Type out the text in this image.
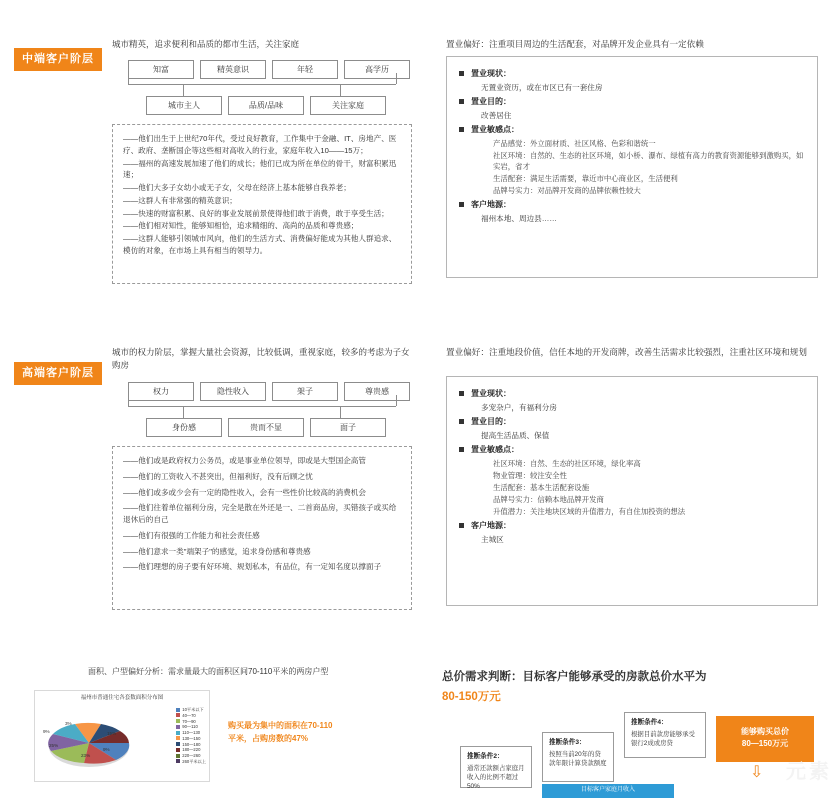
中端客户阶层
城市精英，追求便利和品质的都市生活，关注家庭
知富	精英意识	年轻	高学历
城市主人	品质/品味	关注家庭
——他们出生于上世纪70年代，受过良好教育，工作集中于金融、IT、房地产、医疗、政府、垄断国企等这些相对高收入的行业，家庭年收入10——15万；
——福州的高速发展加速了他们的成长；他们已成为所在单位的骨干，财富积累迅速；
——他们大多子女幼小或无子女，父母在经济上基本能够自我养老；
——这群人有非常强的精英意识；
——快速的财富积累、良好的事业发展前景使得他们敢于消费，敢于享受生活；
——他们相对知性，能够知相恰，追求精细的、高尚的品质和尊贵感；
——这群人能够引领城市风向，他们的生活方式、消费偏好能成为其他人群追求、模仿的对象，在市场上具有相当的领导力。
置业偏好：注重项目周边的生活配套，对品牌开发企业具有一定依赖
置业现状：
无置业资历，或在市区已有一套住房
置业目的：
改善居住
置业敏感点：
产品感觉：外立面材质、社区风格、色彩和谐统一
社区环境：自然的、生态的社区环境，如小桥、瀑布、绿植有高力的教育资源能够到激购买，如实岩，省才
生活配套：满足生活需要，靠近市中心商业区，生活便利
品牌号实力：对品牌开发商的品牌依赖性较大
客户地源：
福州本地、周边县……
高端客户阶层
城市的权力阶层，掌握大量社会资源，比较低调，重视家庭，较多的考虑为子女购房
权力	隐性收入	架子	尊贵感
身份感	贵而不显	面子
——他们或是政府权力公务员，或是事业单位领导，即或是大型国企高管
——他们的工资收入不甚突出，但福利好，没有后顾之忧
——他们或多或少会有一定的隐性收入，会有一些性价比较高的消费机会
——他们往着单位福利分房，完全是散在外还是一、二首商品房，买错孩子或买给退休后的自己
——他们有很强的工作能力和社会责任感
——他们意求一类"端架子"的感觉，追求身份感和尊贵感
——他们理想的房子要有好环境、规划私本，有品位，有一定知名度以撑面子
置业偏好：注重地段价值，信任本地的开发商牌，改善生活需求比较强烈，注重社区环境和规划
置业现状：
多宠杂户，有福利分房
置业目的：
提高生活品质、保值
置业敏感点：
社区环境：自然、生态的社区环境，绿化率高
物业管理：较注安全性
生活配套：基本生活配套设施
品牌号实力：信赖本地品牌开发商
升值潜力：关注地块区域的升值潜力，有自住加投资的想法
客户地源：
主城区
面积、户型偏好分析：需求量最大的面积区间70-110平米的两房户型
福州市普通住宅各套数面积分布图
25%
23%
9%
3%
15%
9%
10平米以下
40—70
70—90
90—110
110—130
130—150
150—180
180—220
220—260
260平米以上
购买最为集中的面积在70-110平米，占购房数的47%
总价需求判断：目标客户能够承受的房款总价水平为
80-150万元
推断条件2：
通常还款额占家庭月收入的比例不超过50%
推断条件3：
按照当前20年的贷款年限计算贷款额度
推断条件4：
根据目前款房能够承受银行2成或房贷
目标客户家庭月收入
能够购买总价
80—150万元
⇩ 元素
